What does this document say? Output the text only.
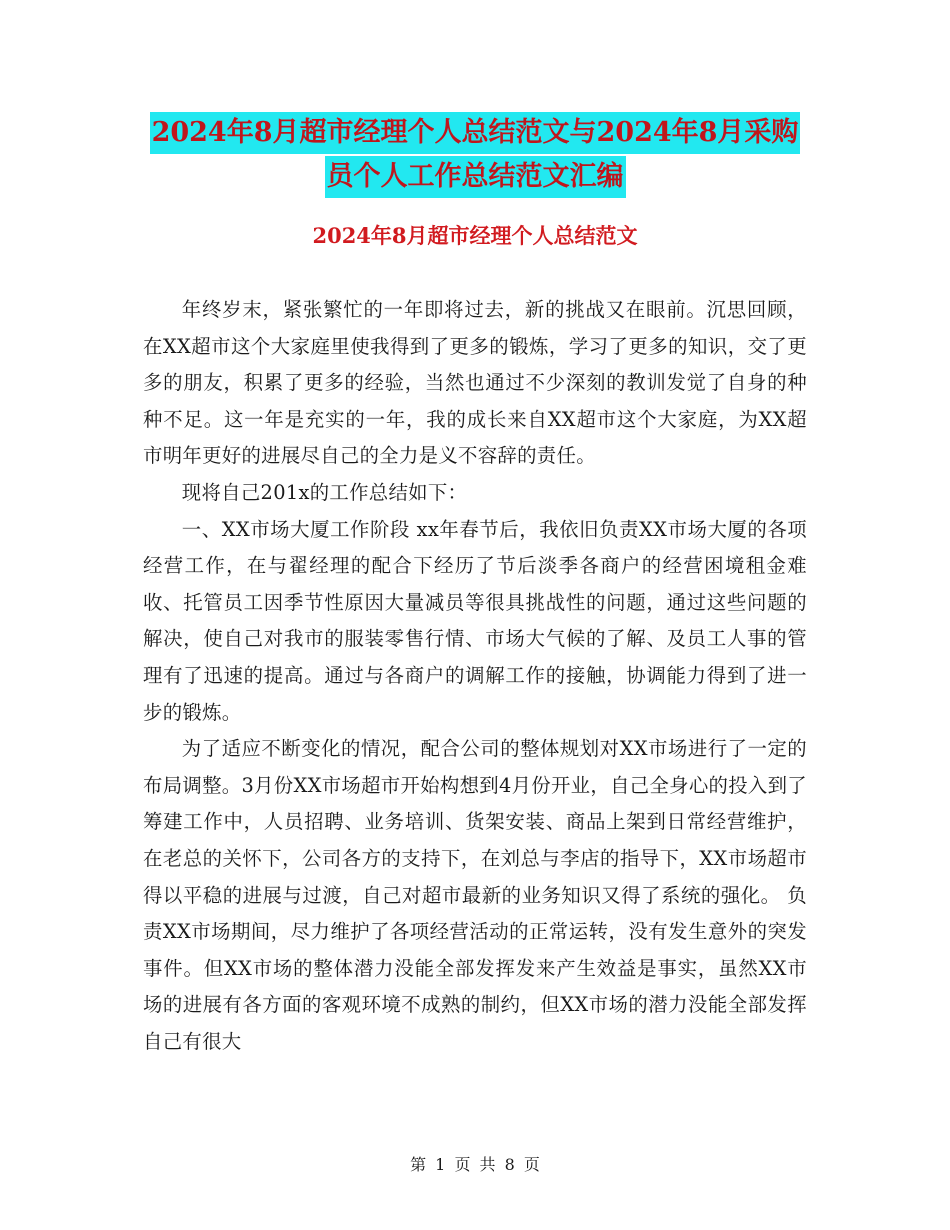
2024年8月超市经理个人总结范文与2024年8月采购
员个人工作总结范文汇编
2024年8月超市经理个人总结范文

年终岁末，紧张繁忙的一年即将过去，新的挑战又在眼前。沉思回顾，在XX超市这个大家庭里使我得到了更多的锻炼，学习了更多的知识，交了更多的朋友，积累了更多的经验，当然也通过不少深刻的教训发觉了自身的种种不足。这一年是充实的一年，我的成长来自XX超市这个大家庭，为XX超市明年更好的进展尽自己的全力是义不容辞的责任。

现将自己201x的工作总结如下：

一、XX市场大厦工作阶段 xx年春节后，我依旧负责XX市场大厦的各项经营工作，在与翟经理的配合下经历了节后淡季各商户的经营困境租金难收、托管员工因季节性原因大量减员等很具挑战性的问题，通过这些问题的解决，使自己对我市的服装零售行情、市场大气候的了解、及员工人事的管理有了迅速的提高。通过与各商户的调解工作的接触，协调能力得到了进一步的锻炼。

为了适应不断变化的情况，配合公司的整体规划对XX市场进行了一定的布局调整。3月份XX市场超市开始构想到4月份开业，自己全身心的投入到了筹建工作中，人员招聘、业务培训、货架安装、商品上架到日常经营维护，在老总的关怀下，公司各方的支持下，在刘总与李店的指导下，XX市场超市得以平稳的进展与过渡，自己对超市最新的业务知识又得了系统的强化。 负责XX市场期间，尽力维护了各项经营活动的正常运转，没有发生意外的突发事件。但XX市场的整体潜力没能全部发挥发来产生效益是事实，虽然XX市场的进展有各方面的客观环境不成熟的制约，但XX市场的潜力没能全部发挥自己有很大

第 1 页 共 8 页
